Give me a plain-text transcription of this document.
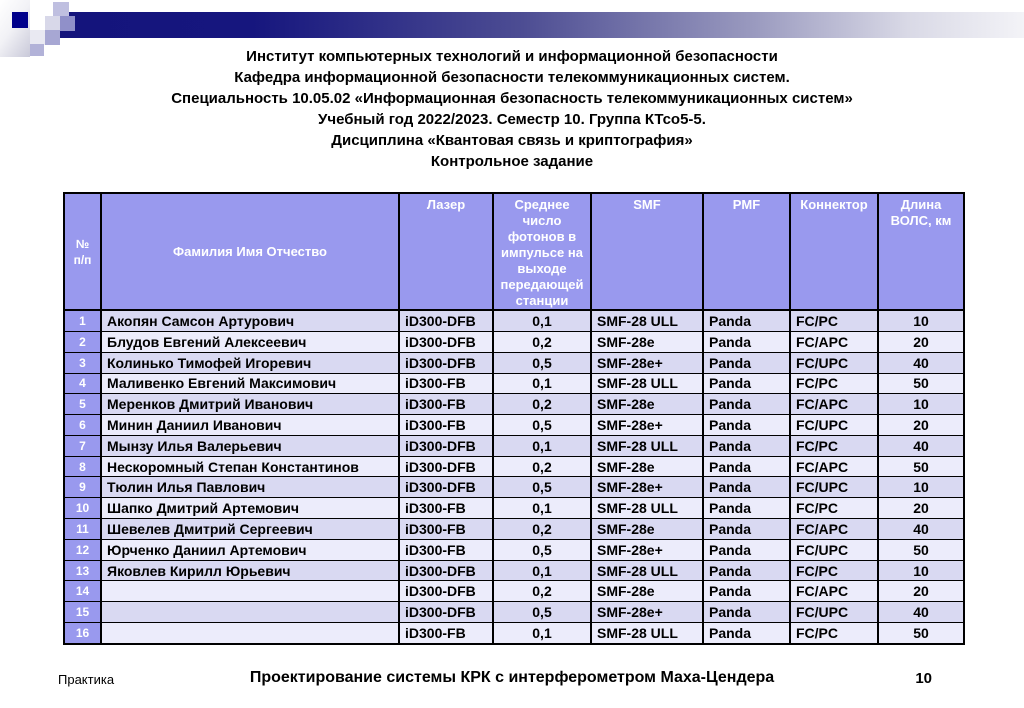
Институт компьютерных технологий и информационной безопасности
Кафедра информационной безопасности телекоммуникационных систем.
Специальность 10.05.02 «Информационная безопасность телекоммуникационных систем»
Учебный год 2022/2023. Семестр 10. Группа КТсо5-5.
Дисциплина «Квантовая связь и криптография»
Контрольное задание
№ п/п	Фамилия Имя Отчество	Лазер	Среднее число фотонов в импульсе на выходе передающей станции	SMF	PMF	Коннектор	Длина ВОЛС, км
1	Акопян Самсон Артурович	iD300-DFB	0,1	SMF-28 ULL	Panda	FC/PC	10
2	Блудов Евгений Алексеевич	iD300-DFB	0,2	SMF-28e	Panda	FC/APC	20
3	Колинько Тимофей Игоревич	iD300-DFB	0,5	SMF-28e+	Panda	FC/UPC	40
4	Маливенко Евгений Максимович	iD300-FB	0,1	SMF-28 ULL	Panda	FC/PC	50
5	Меренков Дмитрий Иванович	iD300-FB	0,2	SMF-28e	Panda	FC/APC	10
6	Минин Даниил Иванович	iD300-FB	0,5	SMF-28e+	Panda	FC/UPC	20
7	Мынзу Илья Валерьевич	iD300-DFB	0,1	SMF-28 ULL	Panda	FC/PC	40
8	Нескоромный Степан Константинов	iD300-DFB	0,2	SMF-28e	Panda	FC/APC	50
9	Тюлин Илья Павлович	iD300-DFB	0,5	SMF-28e+	Panda	FC/UPC	10
10	Шапко Дмитрий Артемович	iD300-FB	0,1	SMF-28 ULL	Panda	FC/PC	20
11	Шевелев Дмитрий Сергеевич	iD300-FB	0,2	SMF-28e	Panda	FC/APC	40
12	Юрченко Даниил Артемович	iD300-FB	0,5	SMF-28e+	Panda	FC/UPC	50
13	Яковлев Кирилл Юрьевич	iD300-DFB	0,1	SMF-28 ULL	Panda	FC/PC	10
14		iD300-DFB	0,2	SMF-28e	Panda	FC/APC	20
15		iD300-DFB	0,5	SMF-28e+	Panda	FC/UPC	40
16		iD300-FB	0,1	SMF-28 ULL	Panda	FC/PC	50
Практика	Проектирование системы КРК с интерферометром Маха-Цендера	10
